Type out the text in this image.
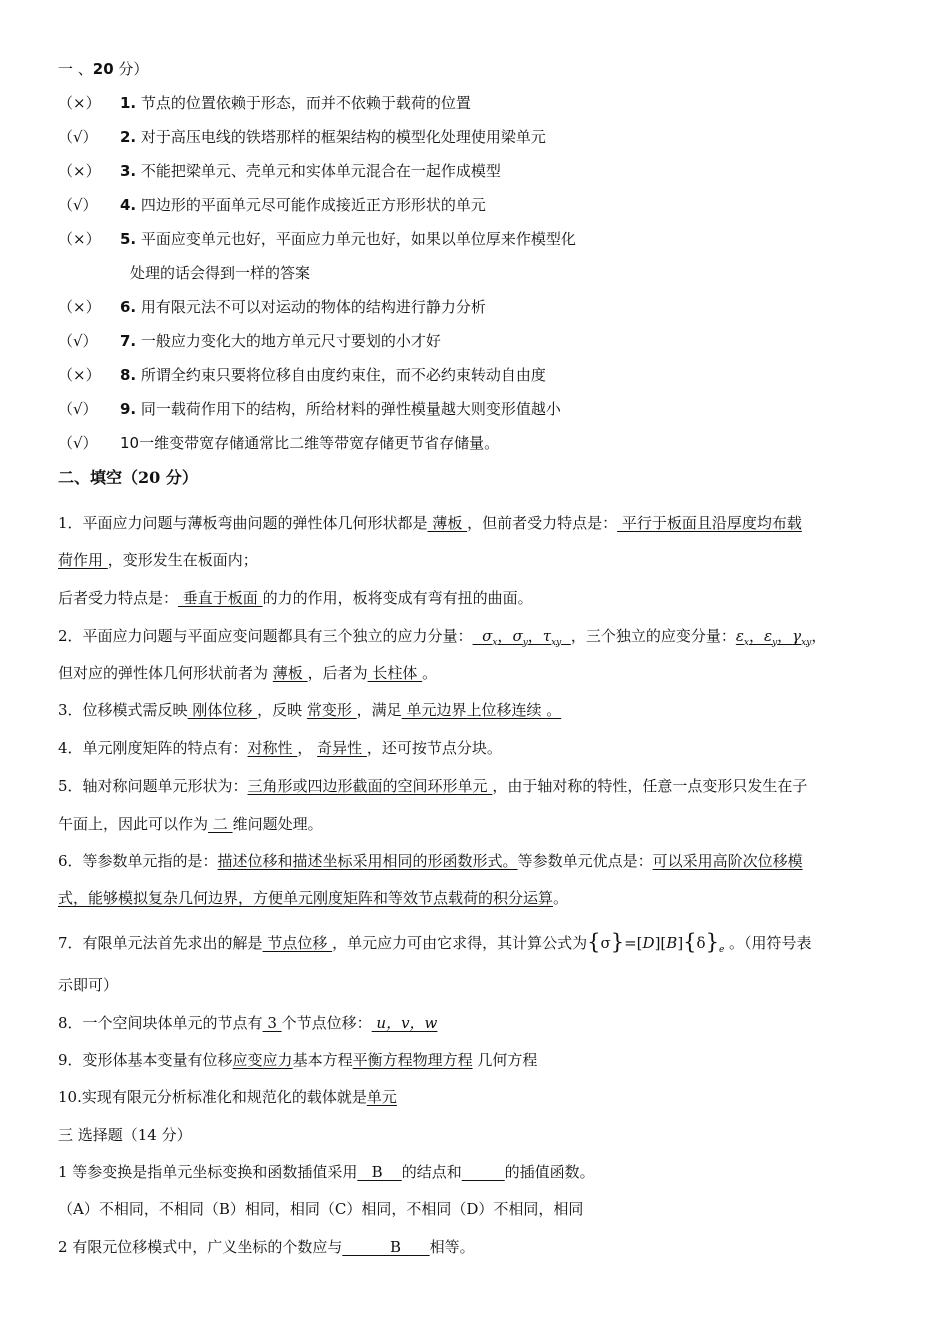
一 、20 分）
（×） 1. 节点的位置依赖于形态，而并不依赖于载荷的位置
（√） 2. 对于高压电线的铁塔那样的框架结构的模型化处理使用梁单元
（×） 3. 不能把梁单元、壳单元和实体单元混合在一起作成模型
（√） 4. 四边形的平面单元尽可能作成接近正方形形状的单元
（×） 5. 平面应变单元也好，平面应力单元也好，如果以单位厚来作模型化
处理的话会得到一样的答案
（×） 6. 用有限元法不可以对运动的物体的结构进行静力分析
（√） 7. 一般应力变化大的地方单元尺寸要划的小才好
（×） 8. 所谓全约束只要将位移自由度约束住，而不必约束转动自由度
（√） 9. 同一载荷作用下的结构，所给材料的弹性模量越大则变形值越小
（√） 10一维变带宽存储通常比二维等带宽存储更节省存储量。
二、填空（20 分）
1．平面应力问题与薄板弯曲问题的弹性体几何形状都是 薄板 ，但前者受力特点是： 平行于板面且沿厚度均布载
荷作用 ，变形发生在板面内；
后者受力特点是： 垂直于板面 的力的作用，板将变成有弯有扭的曲面。
2．平面应力问题与平面应变问题都具有三个独立的应力分量： $\sigma_x$，$\sigma_y$，$\tau_{xy}$ ，三个独立的应变分量：$\varepsilon_x$，$\varepsilon_y$，$\gamma_{xy}$，
但对应的弹性体几何形状前者为 薄板 ，后者为 长柱体 。
3．位移模式需反映 刚体位移 ，反映 常变形 ，满足 单元边界上位移连续 。
4．单元刚度矩阵的特点有：对称性 ， 奇异性 ，还可按节点分块。
5．轴对称问题单元形状为：三角形或四边形截面的空间环形单元 ，由于轴对称的特性，任意一点变形只发生在子
午面上，因此可以作为 二 维问题处理。
6．等参数单元指的是：描述位移和描述坐标采用相同的形函数形式。等参数单元优点是：可以采用高阶次位移模
式，能够模拟复杂几何边界，方便单元刚度矩阵和等效节点载荷的积分运算。
7．有限单元法首先求出的解是 节点位移 ，单元应力可由它求得，其计算公式为$\{\sigma\}=[D][B]\{\delta\}_e$ 。（用符号表
示即可）
8．一个空间块体单元的节点有 3 个节点位移： u，v，w
9．变形体基本变量有位移应变应力基本方程平衡方程物理方程 几何方程
10.实现有限元分析标准化和规范化的载体就是单元
三 选择题（14 分）
1 等参变换是指单元坐标变换和函数插值采用   B    的结点和	的插值函数。
（A）不相同，不相同（B）相同，相同（C）相同，不相同（D）不相同，相同
2 有限元位移模式中，广义坐标的个数应与          B      相等。
